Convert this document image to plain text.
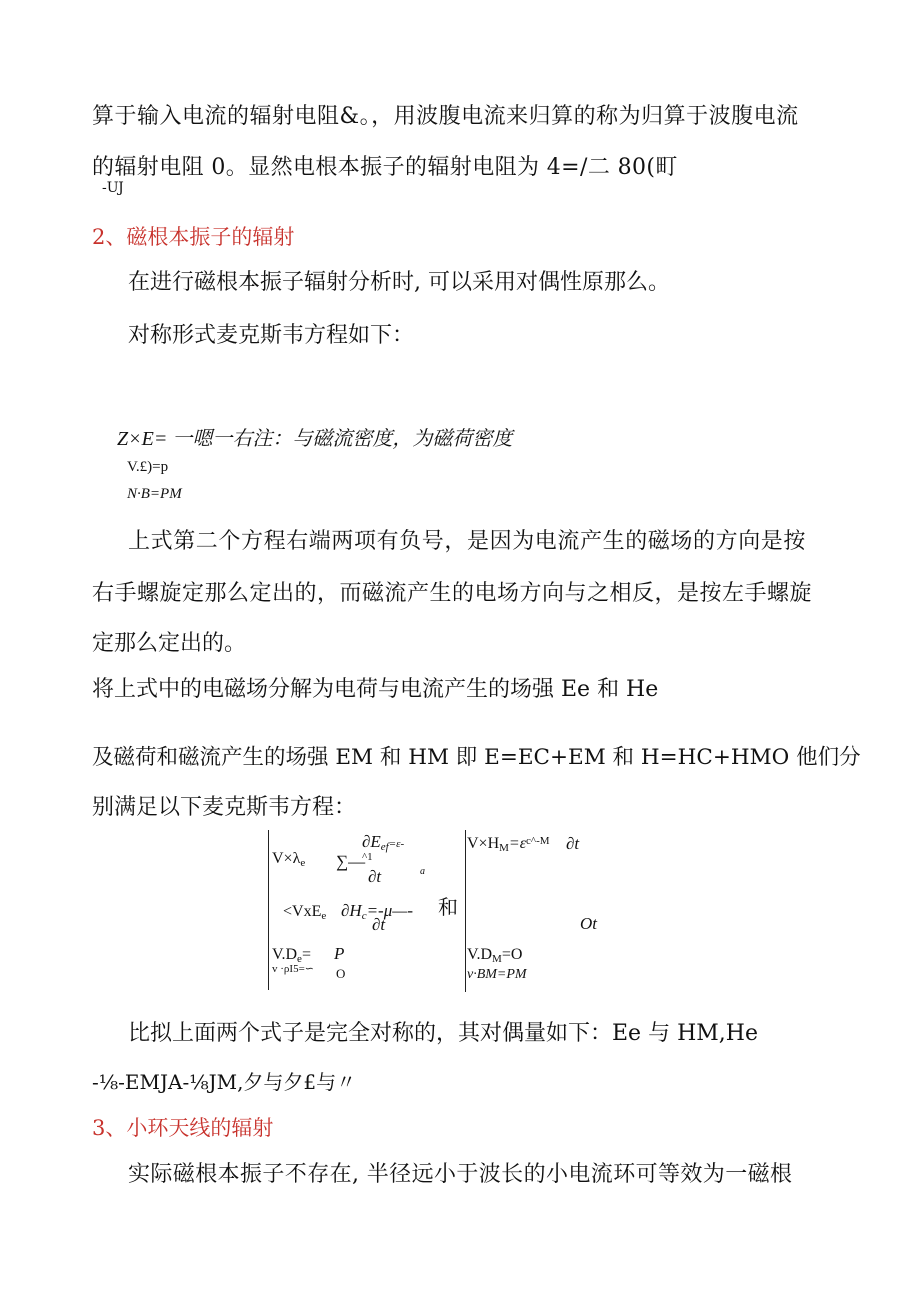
算于输入电流的辐射电阻&。，用波腹电流来归算的称为归算于波腹电流
的辐射电阻 0。显然电根本振子的辐射电阻为 4=/二 80(町
-UJ
2、磁根本振子的辐射
在进行磁根本振子辐射分析时, 可以采用对偶性原那么。
对称形式麦克斯韦方程如下：
Z×E= 一嗯一右注：与磁流密度，为磁荷密度
V.£)=p
N·B=PM
上式第二个方程右端两项有负号，是因为电流产生的磁场的方向是按
右手螺旋定那么定出的，而磁流产生的电场方向与之相反，是按左手螺旋
定那么定出的。
将上式中的电磁场分解为电荷与电流产生的场强 Ee 和 He
及磁荷和磁流产生的场强 EM 和 HM 即 E=EC+EM 和 H=HC+HMO 他们分
别满足以下麦克斯韦方程：
V×λe ∑—
∂Eef=ε-
^1
∂t	a
<VxEe ∂Hc=-μ—-
∂t
V.De= P
v ·ρI5=∽ O
和
$V\times HM=\varepsilon^{c\^{}-M}$ ∂t
Ot
V.DM=O
v·BM=PM
比拟上面两个式子是完全对称的，其对偶量如下：Ee 与 HM,He
-⅛-EMJA-⅛JM,夕与夕£与〃
3、小环天线的辐射
实际磁根本振子不存在, 半径远小于波长的小电流环可等效为一磁根
